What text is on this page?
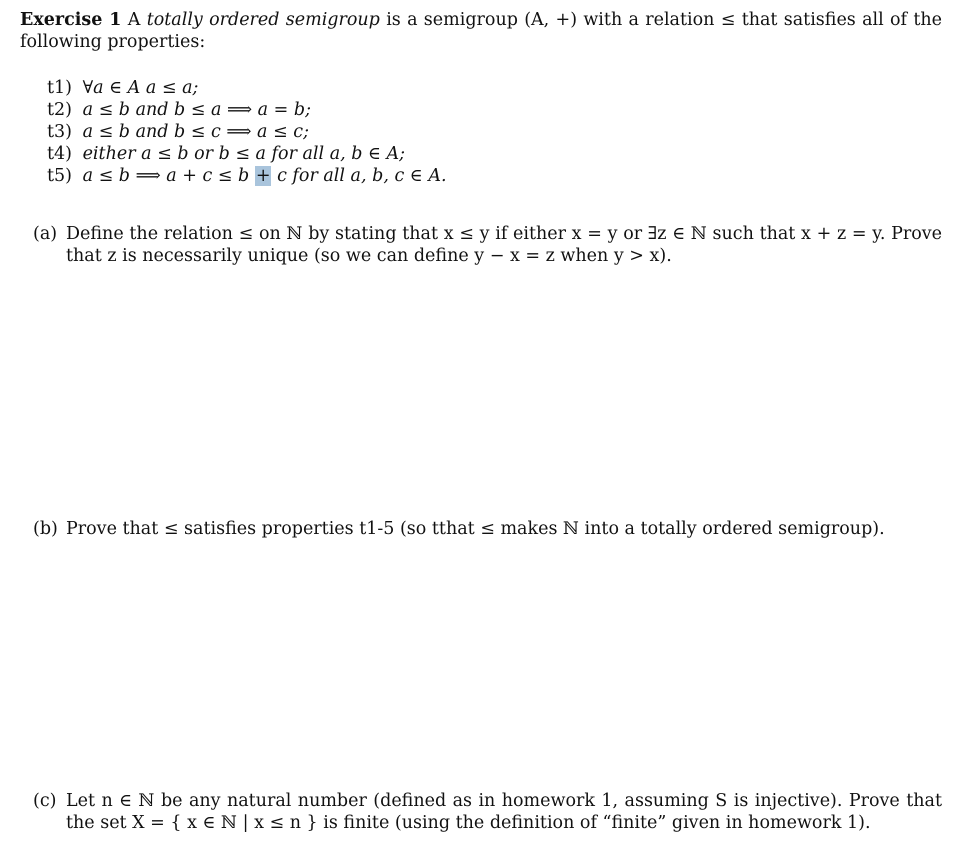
Exercise 1 A totally ordered semigroup is a semigroup (A, +) with a relation ≤ that satisfies all of the following properties:
t1) ∀a ∈ A a ≤ a;
t2) a ≤ b and b ≤ a ⟹ a = b;
t3) a ≤ b and b ≤ c ⟹ a ≤ c;
t4) either a ≤ b or b ≤ a for all a, b ∈ A;
t5) a ≤ b ⟹ a + c ≤ b + c for all a, b, c ∈ A.
(a) Define the relation ≤ on ℕ by stating that x ≤ y if either x = y or ∃z ∈ ℕ such that x + z = y. Prove that z is necessarily unique (so we can define y − x = z when y > x).
(b) Prove that ≤ satisfies properties t1-5 (so tthat ≤ makes ℕ into a totally ordered semigroup).
(c) Let n ∈ ℕ be any natural number (defined as in homework 1, assuming S is injective). Prove that the set X = { x ∈ ℕ | x ≤ n } is finite (using the definition of “finite” given in homework 1).
